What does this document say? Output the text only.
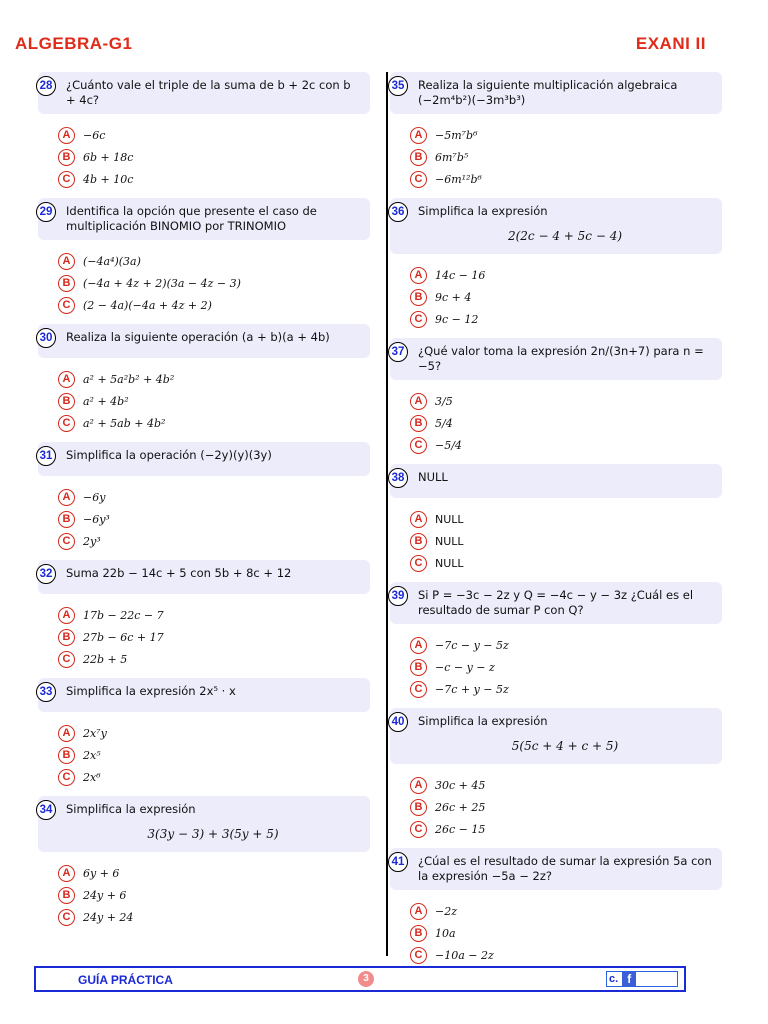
ALGEBRA-G1	EXANI II
28	¿Cuánto vale el triple de la suma de b + 2c con b + 4c?
A	−6c
B	6b + 18c
C	4b + 10c
29	Identifica la opción que presente el caso de multiplicación BINOMIO por TRINOMIO
A	(−4a⁴)(3a)
B	(−4a + 4z + 2)(3a − 4z − 3)
C	(2 − 4a)(−4a + 4z + 2)
30	Realiza la siguiente operación (a + b)(a + 4b)
A	a² + 5a²b² + 4b²
B	a² + 4b²
C	a² + 5ab + 4b²
31	Simplifica la operación (−2y)(y)(3y)
A	−6y
B	−6y³
C	2y³
32	Suma 22b − 14c + 5 con 5b + 8c + 12
A	17b − 22c − 7
B	27b − 6c + 17
C	22b + 5
33	Simplifica la expresión 2x⁵ · x
A	2x⁷y
B	2x⁵
C	2x⁶
34	Simplifica la expresión
3(3y − 3) + 3(5y + 5)
A	6y + 6
B	24y + 6
C	24y + 24
35	Realiza la siguiente multiplicación algebraica (−2m⁴b²)(−3m³b³)
A	−5m⁷b⁶
B	6m⁷b⁵
C	−6m¹²b⁶
36	Simplifica la expresión
2(2c − 4 + 5c − 4)
A	14c − 16
B	9c + 4
C	9c − 12
37	¿Qué valor toma la expresión 2n/(3n+7) para n = −5?
A	3/5
B	5/4
C	−5/4
38	NULL
A	NULL
B	NULL
C	NULL
39	Si P = −3c − 2z y Q = −4c − y − 3z ¿Cuál es el resultado de sumar P con Q?
A	−7c − y − 5z
B	−c − y − z
C	−7c + y − 5z
40	Simplifica la expresión
5(5c + 4 + c + 5)
A	30c + 45
B	26c + 25
C	26c − 15
41	¿Cúal es el resultado de sumar la expresión 5a con la expresión −5a − 2z?
A	−2z
B	10a
C	−10a − 2z
GUÍA PRÁCTICA	3	c. f
